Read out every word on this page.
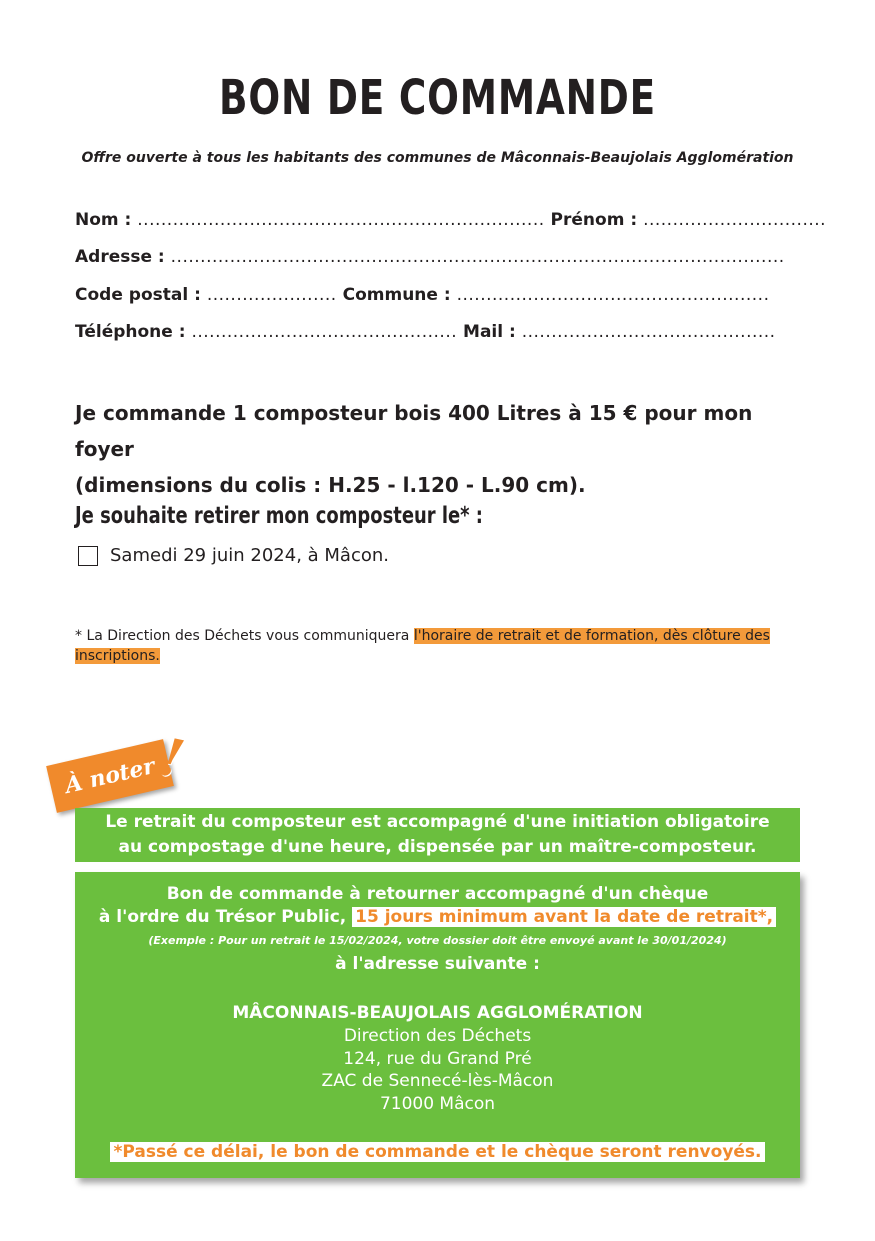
BON DE COMMANDE
Offre ouverte à tous les habitants des communes de Mâconnais-Beaujolais Agglomération
Nom : ..................................................................... Prénom : ...............................
Adresse : ........................................................................................................
Code postal : ...................... Commune : .....................................................
Téléphone : ............................................. Mail : ...........................................
Je commande 1 composteur bois 400 Litres à 15 € pour mon foyer
(dimensions du colis : H.25 - l.120 - L.90 cm).
Je souhaite retirer mon composteur le* :
Samedi 29 juin 2024, à Mâcon.
* La Direction des Déchets vous communiquera l'horaire de retrait et de formation, dès clôture des inscriptions.
À noter
!
Le retrait du composteur est accompagné d'une initiation obligatoire
au compostage d'une heure, dispensée par un maître-composteur.
Bon de commande à retourner accompagné d'un chèque
à l'ordre du Trésor Public, 15 jours minimum avant la date de retrait*,
(Exemple : Pour un retrait le 15/02/2024, votre dossier doit être envoyé avant le 30/01/2024)
à l'adresse suivante :
MÂCONNAIS-BEAUJOLAIS AGGLOMÉRATION
Direction des Déchets
124, rue du Grand Pré
ZAC de Sennecé-lès-Mâcon
71000 Mâcon
*Passé ce délai, le bon de commande et le chèque seront renvoyés.
